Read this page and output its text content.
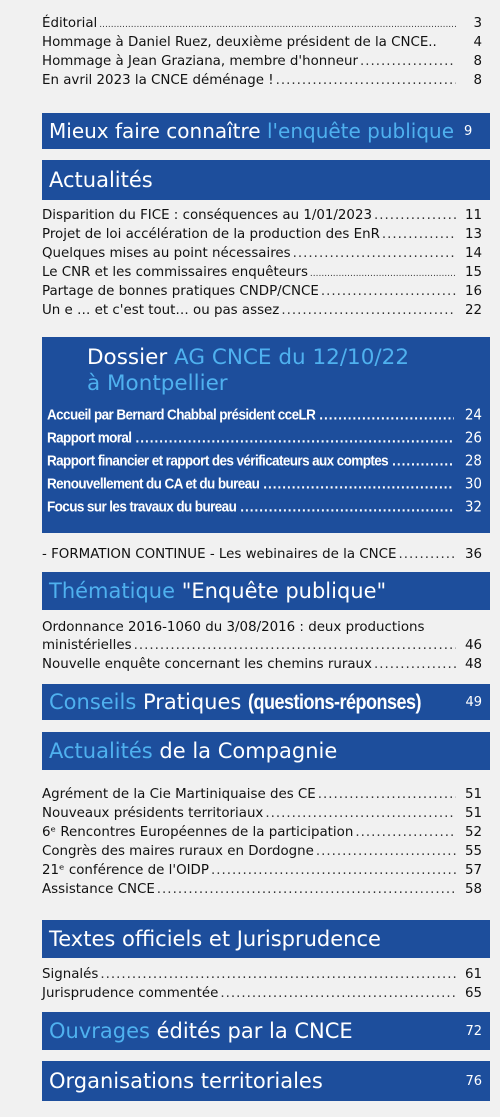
Éditorial .....	3
Hommage à Daniel Ruez, deuxième président de la CNCE..	4
Hommage à Jean Graziana, membre d'honneur .....	8
En avril 2023 la CNCE déménage ! .....	8
Mieux faire connaître l'enquête publique 9
Actualités
Disparition du FICE : conséquences au 1/01/2023 .....	11
Projet de loi accélération de la production des EnR .....	13
Quelques mises au point nécessaires .....	14
Le CNR et les commissaires enquêteurs .....	15
Partage de bonnes pratiques CNDP/CNCE .....	16
Un e … et c'est tout… ou pas assez .....	22
Dossier AG CNCE du 12/10/22
à Montpellier
Accueil par Bernard Chabbal président cceLR .....	24
Rapport moral .....	26
Rapport financier et rapport des vérificateurs aux comptes .....	28
Renouvellement du CA et du bureau .....	30
Focus sur les travaux du bureau .....	32
- FORMATION CONTINUE - Les webinaires de la CNCE .....	36
Thématique "Enquête publique"
Ordonnance 2016-1060 du 3/08/2016 : deux productions
ministérielles .....	46
Nouvelle enquête concernant les chemins ruraux .....	48
Conseils Pratiques (questions-réponses)	49
Actualités de la Compagnie
Agrément de la Cie Martiniquaise des CE .....	51
Nouveaux présidents territoriaux .....	51
6ᵉ Rencontres Européennes de la participation .....	52
Congrès des maires ruraux en Dordogne .....	55
21ᵉ conférence de l'OIDP .....	57
Assistance CNCE .....	58
Textes officiels et Jurisprudence
Signalés .....	61
Jurisprudence commentée .....	65
Ouvrages édités par la CNCE	72
Organisations territoriales	76
